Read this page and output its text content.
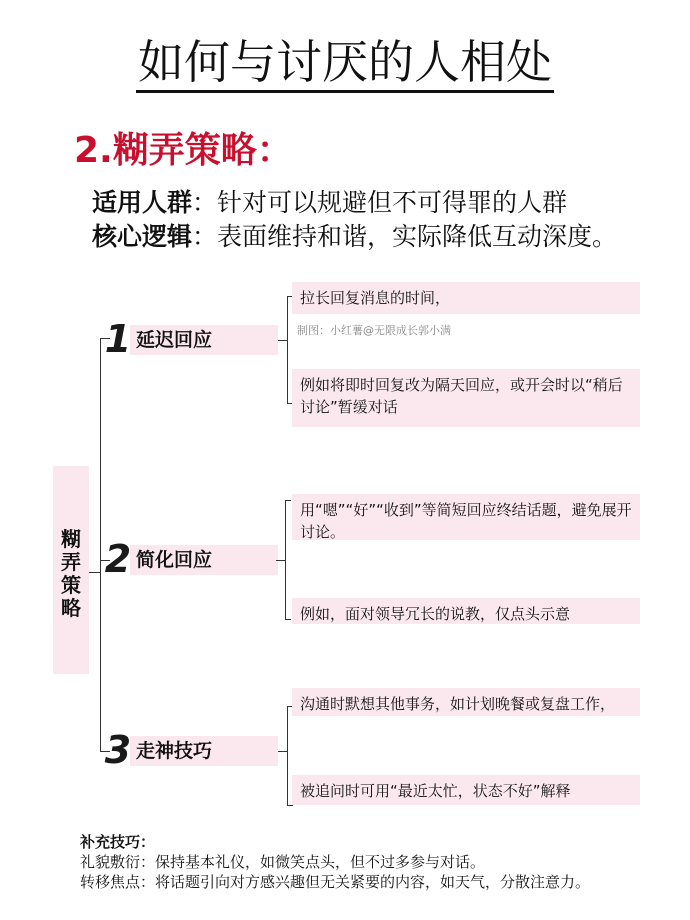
如何与讨厌的人相处
2.糊弄策略：
适用人群：针对可以规避但不可得罪的人群
核心逻辑：表面维持和谐，实际降低互动深度。
糊
弄
策
略
1 延迟回应
拉长回复消息的时间，
制图：小红薯@无限成长郭小满
例如将即时回复改为隔天回应，或开会时以“稍后讨论”暂缓对话
2 简化回应
用“嗯”“好”“收到”等简短回应终结话题，避免展开讨论。
例如，面对领导冗长的说教，仅点头示意
3 走神技巧
沟通时默想其他事务，如计划晚餐或复盘工作，
被追问时可用“最近太忙，状态不好”解释
补充技巧：
礼貌敷衍：保持基本礼仪，如微笑点头，但不过多参与对话。
转移焦点：将话题引向对方感兴趣但无关紧要的内容，如天气，分散注意力。
